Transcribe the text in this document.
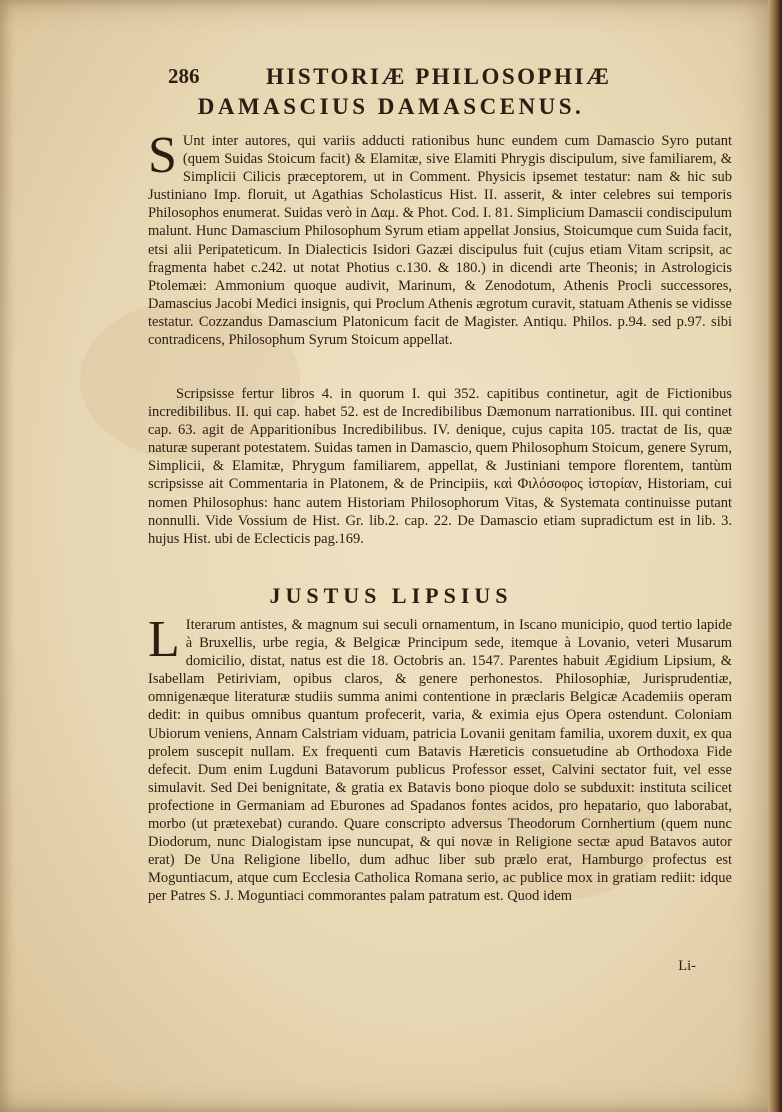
286	HISTORIÆ PHILOSOPHIÆ
DAMASCIUS DAMASCENUS.

S Unt inter autores, qui variis adducti rationibus hunc eundem cum Damascio Syro putant (quem Suidas Stoicum facit) & Elamitæ, sive Elamiti Phrygis discipulum, sive familiarem, & Simplicii Cilicis præceptorem, ut in Comment. Physicis ipsemet testatur: nam & hic sub Justiniano Imp. floruit, ut Agathias Scholasticus Hist. II. asserit, & inter celebres sui temporis Philosophos enumerat. Suidas verò in Δαμ. & Phot. Cod. I. 81. Simplicium Damascii condiscipulum malunt. Hunc Damascium Philosophum Syrum etiam appellat Jonsius, Stoicumque cum Suida facit, etsi alii Peripateticum. In Dialecticis Isidori Gazæi discipulus fuit (cujus etiam Vitam scripsit, ac fragmenta habet c.242. ut notat Photius c.130. & 180.) in dicendi arte Theonis; in Astrologicis Ptolemæi: Ammonium quoque audivit, Marinum, & Zenodotum, Athenis Procli successores, Damascius Jacobi Medici insignis, qui Proclum Athenis ægrotum curavit, statuam Athenis se vidisse testatur. Cozzandus Damascium Platonicum facit de Magister. Antiqu. Philos. p.94. sed p.97. sibi contradicens, Philosophum Syrum Stoicum appellat.

Scripsisse fertur libros 4. in quorum I. qui 352. capitibus continetur, agit de Fictionibus incredibilibus. II. qui cap. habet 52. est de Incredibilibus Dæmonum narrationibus. III. qui continet cap. 63. agit de Apparitionibus Incredibilibus. IV. denique, cujus capita 105. tractat de Iis, quæ naturæ superant potestatem. Suidas tamen in Damascio, quem Philosophum Stoicum, genere Syrum, Simplicii, & Elamitæ, Phrygum familiarem, appellat, & Justiniani tempore florentem, tantùm scripsisse ait Commentaria in Platonem, & de Principiis, καὶ Φιλόσοφος ἱστορίαν, Historiam, cui nomen Philosophus: hanc autem Historiam Philosophorum Vitas, & Systemata continuisse putant nonnulli. Vide Vossium de Hist. Gr. lib.2. cap. 22. De Damascio etiam supradictum est in lib. 3. hujus Hist. ubi de Eclecticis pag.169.

JUSTUS LIPSIUS

L Iterarum antistes, & magnum sui seculi ornamentum, in Iscano municipio, quod tertio lapide à Bruxellis, urbe regia, & Belgicæ Principum sede, itemque à Lovanio, veteri Musarum domicilio, distat, natus est die 18. Octobris an. 1547. Parentes habuit Ægidium Lipsium, & Isabellam Petiriviam, opibus claros, & genere perhonestos. Philosophiæ, Jurisprudentiæ, omnigenæque literaturæ studiis summa animi contentione in præclaris Belgicæ Academiis operam dedit: in quibus omnibus quantum profecerit, varia, & eximia ejus Opera ostendunt. Coloniam Ubiorum veniens, Annam Calstriam viduam, patricia Lovanii genitam familia, uxorem duxit, ex qua prolem suscepit nullam. Ex frequenti cum Batavis Hæreticis consuetudine ab Orthodoxa Fide defecit. Dum enim Lugduni Batavorum publicus Professor esset, Calvini sectator fuit, vel esse simulavit. Sed Dei benignitate, & gratia ex Batavis bono pioque dolo se subduxit: instituta scilicet profectione in Germaniam ad Eburones ad Spadanos fontes acidos, pro hepatario, quo laborabat, morbo (ut prætexebat) curando. Quare conscripto adversus Theodorum Cornhertium (quem nunc Diodorum, nunc Dialogistam ipse nuncupat, & qui novæ in Religione sectæ apud Batavos autor erat) De Una Religione libello, dum adhuc liber sub prælo erat, Hamburgo profectus est Moguntiacum, atque cum Ecclesia Catholica Romana serio, ac publice mox in gratiam rediit: idque per Patres S. J. Moguntiaci commorantes palam patratum est. Quod idem

Li-
